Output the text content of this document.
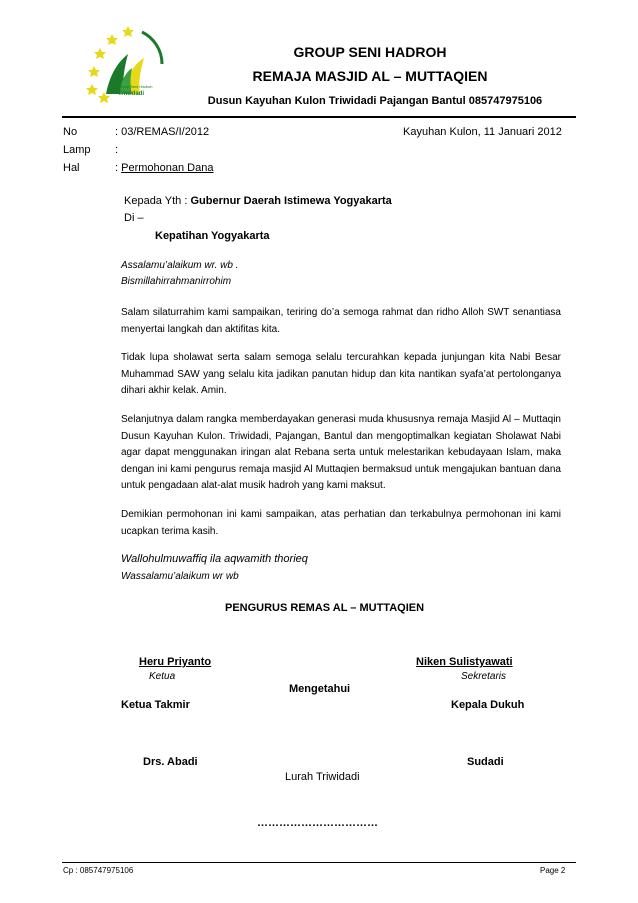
Group Seni Hadroh
Triwidadi
GROUP SENI HADROH
REMAJA MASJID AL – MUTTAQIEN
Dusun Kayuhan Kulon Triwidadi Pajangan Bantul 085747975106
No	: 03/REMAS/I/2012	Kayuhan Kulon, 11 Januari 2012
Lamp :
Hal	: Permohonan Dana
Kepada Yth : Gubernur Daerah Istimewa Yogyakarta
Di –
Kepatihan Yogyakarta
Assalamu’alaikum wr. wb .
Bismillahirrahmanirrohim
Salam silaturrahim kami sampaikan, teriring do’a semoga rahmat dan ridho Alloh SWT senantiasa menyertai langkah dan aktifitas kita.
Tidak lupa sholawat serta salam semoga selalu tercurahkan kepada junjungan kita Nabi Besar Muhammad SAW yang selalu kita jadikan panutan hidup dan kita nantikan syafa’at pertolonganya dihari akhir kelak. Amin.
Selanjutnya dalam rangka memberdayakan generasi muda khususnya remaja Masjid Al – Muttaqin Dusun Kayuhan Kulon. Triwidadi, Pajangan, Bantul dan mengoptimalkan kegiatan Sholawat Nabi agar dapat menggunakan iringan alat Rebana serta untuk melestarikan kebudayaan Islam, maka dengan ini kami pengurus remaja masjid Al Muttaqien bermaksud untuk mengajukan bantuan dana untuk pengadaan alat-alat musik hadroh yang kami maksut.
Demikian permohonan ini kami sampaikan, atas perhatian dan terkabulnya permohonan ini kami ucapkan terima kasih.
Wallohulmuwaffiq ila aqwamith thorieq
Wassalamu’alaikum wr wb
PENGURUS REMAS AL – MUTTAQIEN
Heru Priyanto
Ketua
Niken Sulistyawati
Sekretaris
Mengetahui
Ketua Takmir	Kepala Dukuh
Drs. Abadi	Sudadi
Lurah Triwidadi
……………………………
Cp : 085747975106	Page 2
